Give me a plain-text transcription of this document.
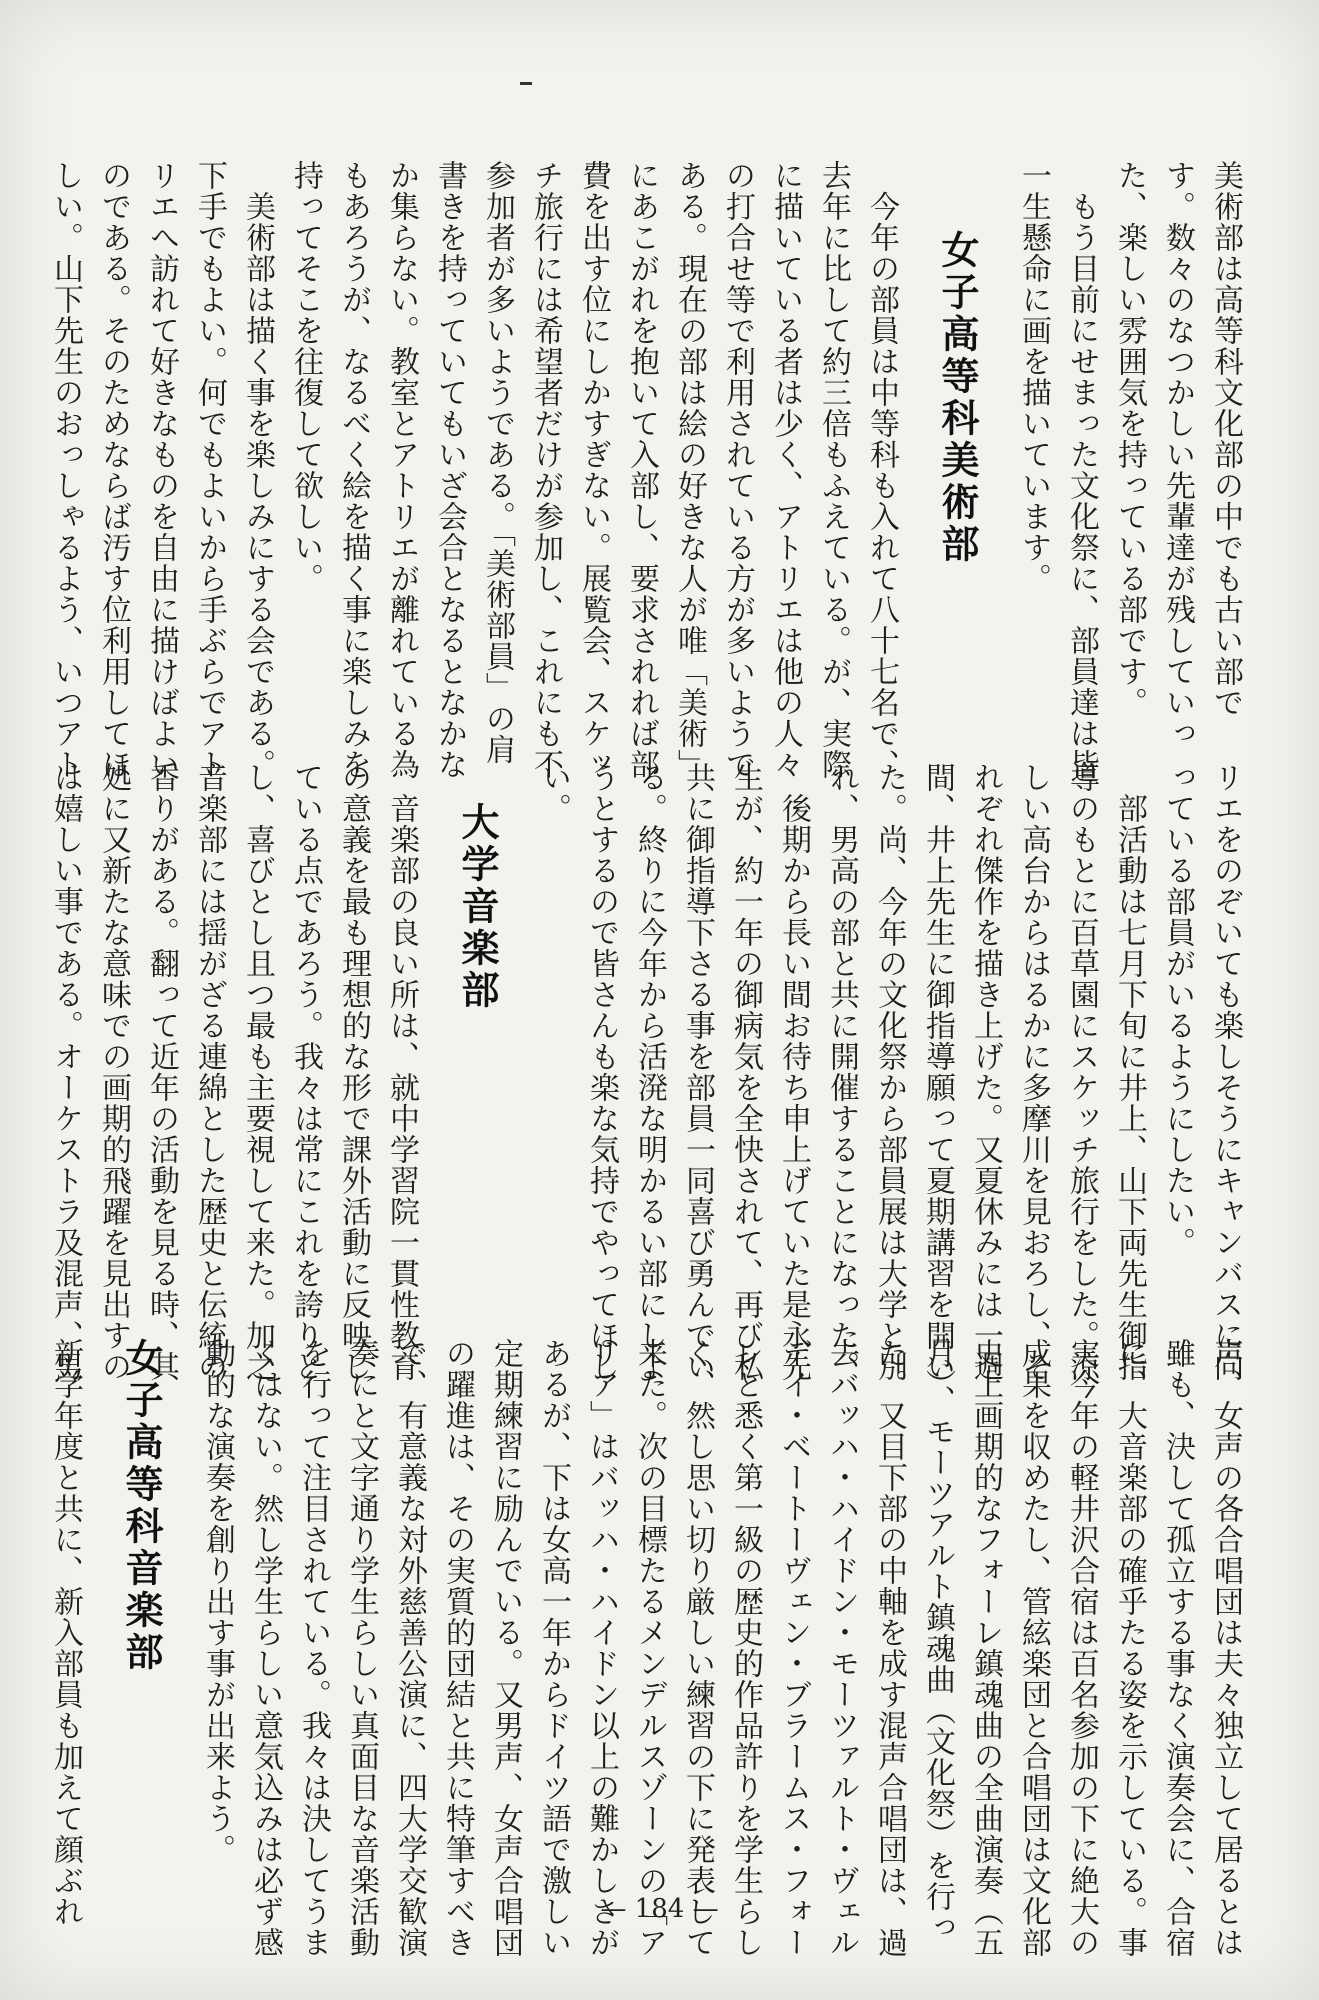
美術部は高等科文化部の中でも古い部で

す。数々のなつかしい先輩達が残していっ

た、楽しい雰囲気を持っている部です。

　もう目前にせまった文化祭に、部員達は皆

一生懸命に画を描いています。

女子高等科美術部

　今年の部員は中等科も入れて八十七名で、

去年に比して約三倍もふえている。が、実際

に描いている者は少く、アトリエは他の人々

の打合せ等で利用されている方が多いようで

ある。現在の部は絵の好きな人が唯「美術」

にあこがれを抱いて入部し、要求されれば部

費を出す位にしかすぎない。展覧会、スケッ

チ旅行には希望者だけが参加し、これにも不

参加者が多いようである。「美術部員」の肩

書きを持っていてもいざ会合となるとなかな

か集らない。教室とアトリエが離れている為

もあろうが、なるべく絵を描く事に楽しみを

持ってそこを往復して欲しい。

　美術部は描く事を楽しみにする会である。

下手でもよい。何でもよいから手ぶらでアト

リエへ訪れて好きなものを自由に描けばよい

のである。そのためならば汚す位利用してほ

しい。山下先生のおっしゃるよう、いつアト

リエをのぞいても楽しそうにキャンバスに向

っている部員がいるようにしたい。

　部活動は七月下旬に井上、山下両先生御指

導のもとに百草園にスケッチ旅行をした。涼

しい高台からはるかに多摩川を見おろし、そ

れぞれ傑作を描き上げた。又夏休みには一週

間、井上先生に御指導願って夏期講習を開い

た。尚、今年の文化祭から部員展は大学と別

れ、男高の部と共に開催することになった。

　後期から長い間お待ち申上げていた是永先

生が、約一年の御病気を全快されて、再び私

共に御指導下さる事を部員一同喜び勇んでい

る。終りに今年から活溌な明かるい部にしよ

うとするので皆さんも楽な気持でやってほし

い。

大学音楽部

　音楽部の良い所は、就中学習院一貫性教育

の意義を最も理想的な形で課外活動に反映し

ている点であろう。我々は常にこれを誇りと

し、喜びとし且つ最も主要視して来た。加之

音楽部には揺がざる連綿とした歴史と伝統の

香りがある。翻って近年の活動を見る時、其

処に又新たな意味での画期的飛躍を見出すの

は嬉しい事である。オーケストラ及混声、男

声、女声の各合唱団は夫々独立して居るとは

雖も、決して孤立する事なく演奏会に、合宿

に、大音楽部の確乎たる姿を示している。事

実今年の軽井沢合宿は百名参加の下に絶大の

成果を収めたし、管絃楽団と合唱団は文化部

史上画期的なフォーレ鎮魂曲の全曲演奏（五

月）、モーツアルト鎮魂曲（文化祭）を行っ

た。又目下部の中軸を成す混声合唱団は、過

去バッハ・ハイドン・モーツァルト・ヴェル

デイ・ベートーヴェン・ブラームス・フォー

レと悉く第一級の歴史的作品許りを学生らし

く、然し思い切り厳しい練習の下に発表して

来た。次の目標たるメンデルスゾーンの「ア

リア」はバッハ・ハイドン以上の難かしさが

あるが、下は女高一年からドイツ語で激しい

定期練習に励んでいる。又男声、女声合唱団

の躍進は、その実質的団結と共に特筆すべき

で、有意義な対外慈善公演に、四大学交歓演

奏にと文字通り学生らしい真面目な音楽活動

を行って注目されている。我々は決してうま

くはない。然し学生らしい意気込みは必ず感

動的な演奏を創り出す事が出来よう。

女子高等科音楽部

新学年度と共に、新入部員も加えて顔ぶれ	— 184 —
